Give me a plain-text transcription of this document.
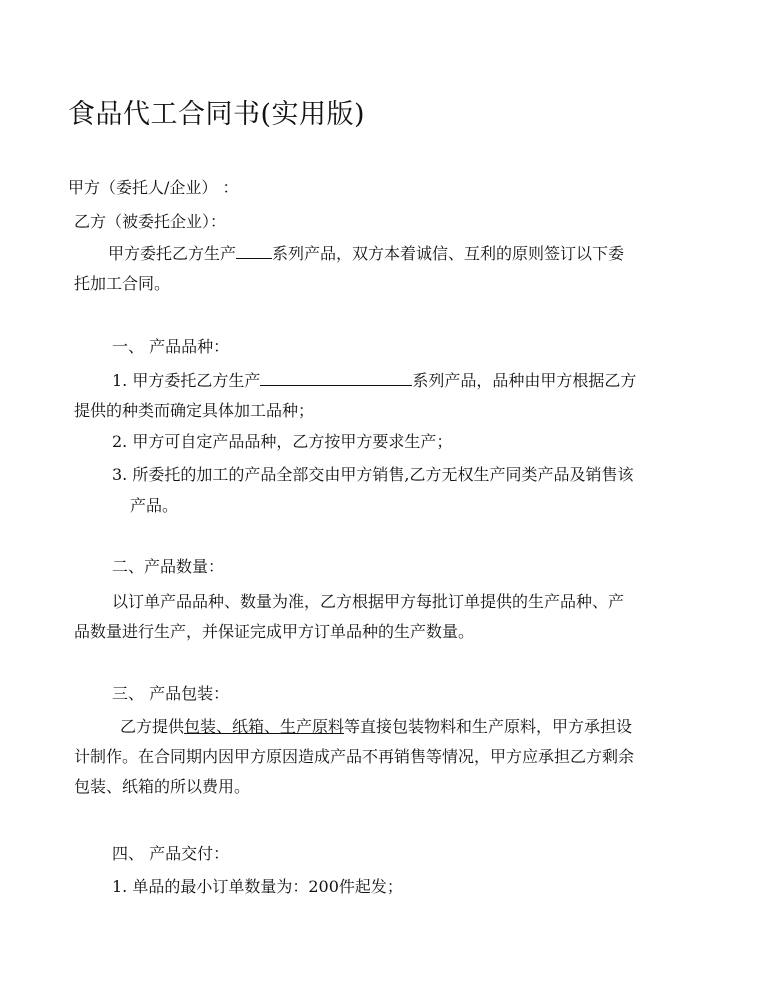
食品代工合同书(实用版)
甲方（委托人/企业） ：
乙方（被委托企业）：
甲方委托乙方生产 系列产品，双方本着诚信、互利的原则签订以下委
托加工合同。
一、 产品品种：
1. 甲方委托乙方生产	系列产品，品种由甲方根据乙方
提供的种类而确定具体加工品种；
2. 甲方可自定产品品种，乙方按甲方要求生产；
3. 所委托的加工的产品全部交由甲方销售,乙方无权生产同类产品及销售该
产品。
二、产品数量：
以订单产品品种、数量为准，乙方根据甲方每批订单提供的生产品种、产
品数量进行生产，并保证完成甲方订单品种的生产数量。
三、 产品包装：
乙方提供包装、纸箱、生产原料等直接包装物料和生产原料，甲方承担设
计制作。在合同期内因甲方原因造成产品不再销售等情况，甲方应承担乙方剩余
包装、纸箱的所以费用。
四、 产品交付：
1. 单品的最小订单数量为：200件起发；
